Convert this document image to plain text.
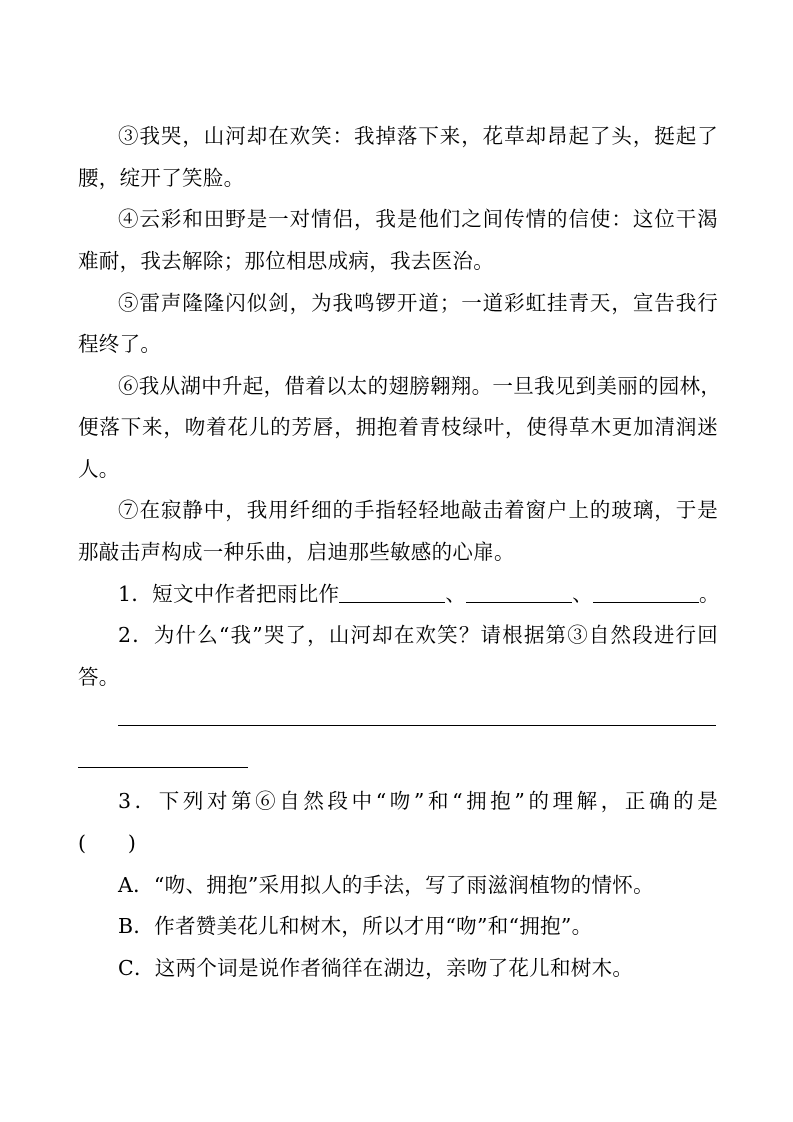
③我哭，山河却在欢笑：我掉落下来，花草却昂起了头，挺起了
腰，绽开了笑脸。
④云彩和田野是一对情侣，我是他们之间传情的信使：这位干渴
难耐，我去解除；那位相思成病，我去医治。
⑤雷声隆隆闪似剑，为我鸣锣开道；一道彩虹挂青天，宣告我行
程终了。
⑥我从湖中升起，借着以太的翅膀翱翔。一旦我见到美丽的园林，
便落下来，吻着花儿的芳唇，拥抱着青枝绿叶，使得草木更加清润迷
人。
⑦在寂静中，我用纤细的手指轻轻地敲击着窗户上的玻璃，于是
那敲击声构成一种乐曲，启迪那些敏感的心扉。
1．短文中作者把雨比作	、	、	。
2．为什么“我”哭了，山河却在欢笑？请根据第③自然段进行回
答。
3．下列对第⑥自然段中“吻”和“拥抱”的理解，正确的是
(　　)
A．“吻、拥抱”采用拟人的手法，写了雨滋润植物的情怀。
B．作者赞美花儿和树木，所以才用“吻”和“拥抱”。
C．这两个词是说作者徜徉在湖边，亲吻了花儿和树木。
